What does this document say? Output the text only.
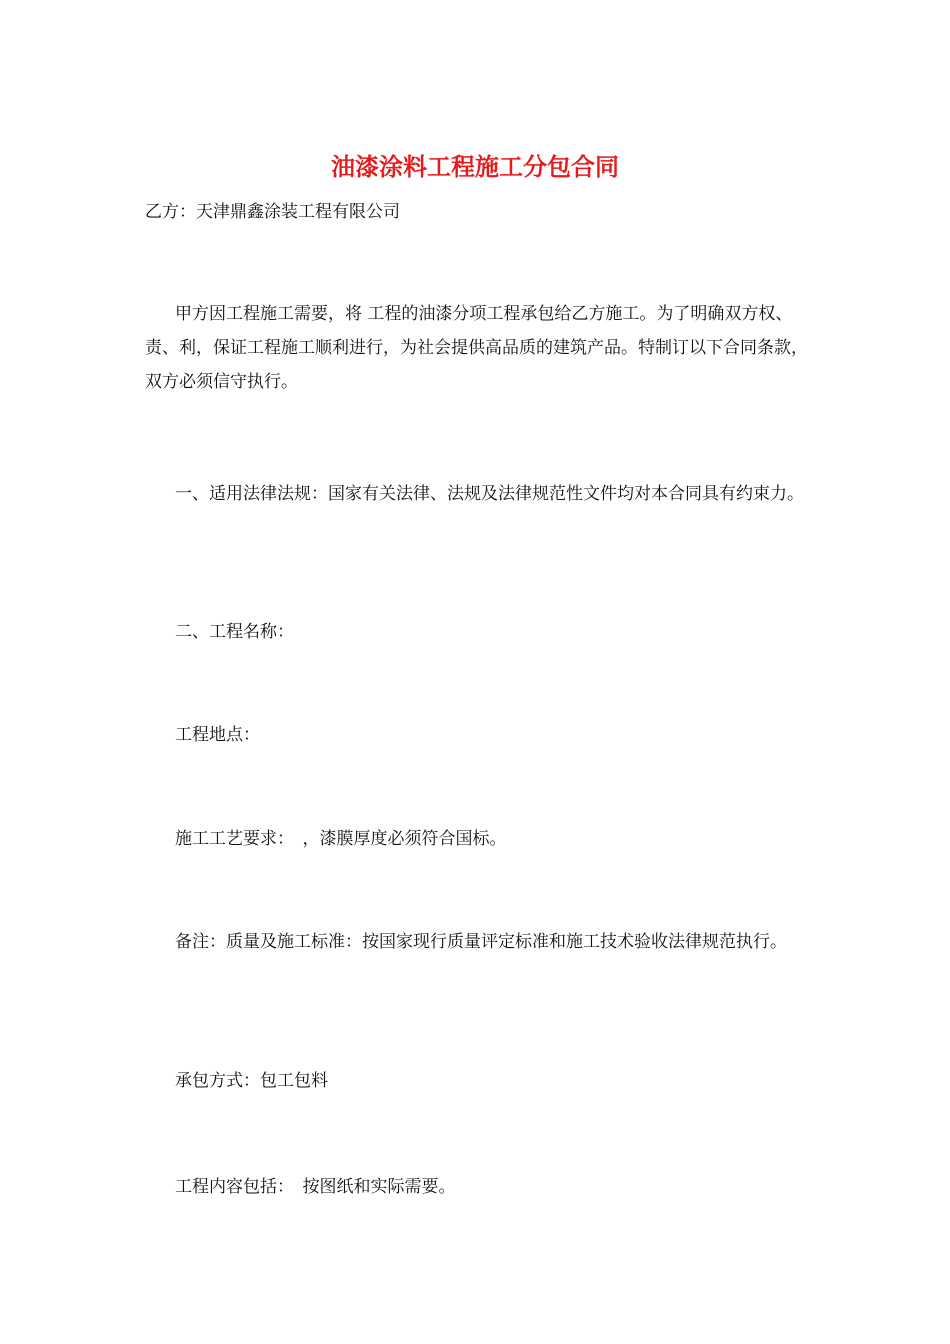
油漆涂料工程施工分包合同
乙方：天津鼎鑫涂装工程有限公司
甲方因工程施工需要，将 工程的油漆分项工程承包给乙方施工。为了明确双方权、责、利，保证工程施工顺利进行，为社会提供高品质的建筑产品。特制订以下合同条款，双方必须信守执行。
一、适用法律法规：国家有关法律、法规及法律规范性文件均对本合同具有约束力。
二、工程名称：
工程地点：
施工工艺要求：　，漆膜厚度必须符合国标。
备注：质量及施工标准：按国家现行质量评定标准和施工技术验收法律规范执行。
承包方式：包工包料
工程内容包括：　按图纸和实际需要。
